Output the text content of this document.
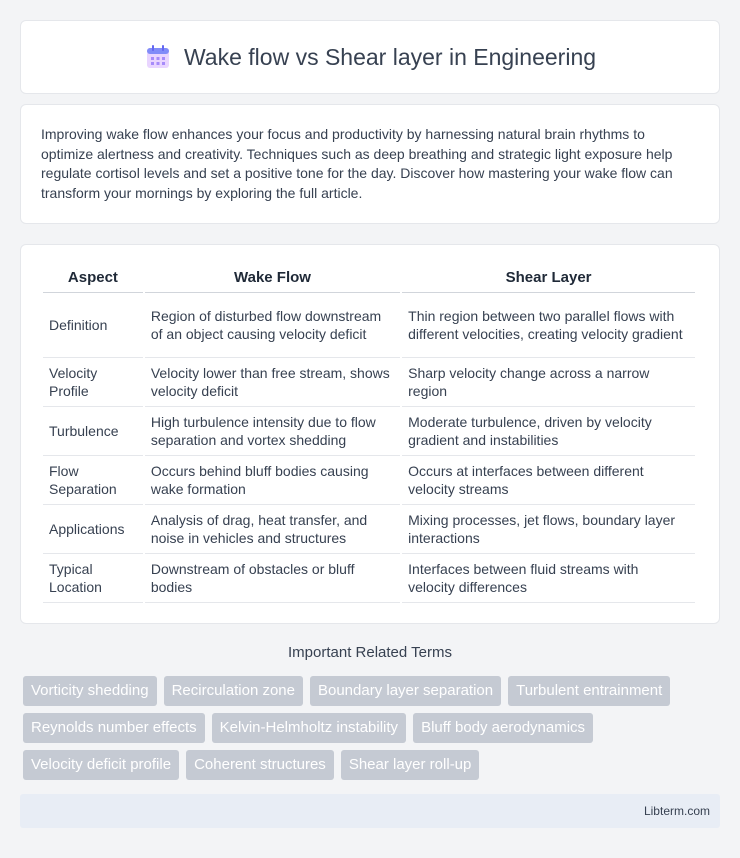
Wake flow vs Shear layer in Engineering

Improving wake flow enhances your focus and productivity by harnessing natural brain rhythms to optimize alertness and creativity. Techniques such as deep breathing and strategic light exposure help regulate cortisol levels and set a positive tone for the day. Discover how mastering your wake flow can transform your mornings by exploring the full article.

Aspect	Wake Flow	Shear Layer
Definition	Region of disturbed flow downstream of an object causing velocity deficit	Thin region between two parallel flows with different velocities, creating velocity gradient
Velocity Profile	Velocity lower than free stream, shows velocity deficit	Sharp velocity change across a narrow region
Turbulence	High turbulence intensity due to flow separation and vortex shedding	Moderate turbulence, driven by velocity gradient and instabilities
Flow Separation	Occurs behind bluff bodies causing wake formation	Occurs at interfaces between different velocity streams
Applications	Analysis of drag, heat transfer, and noise in vehicles and structures	Mixing processes, jet flows, boundary layer interactions
Typical Location	Downstream of obstacles or bluff bodies	Interfaces between fluid streams with velocity differences
Important Related Terms
Vorticity shedding	Recirculation zone	Boundary layer separation	Turbulent entrainment
Reynolds number effects	Kelvin-Helmholtz instability	Bluff body aerodynamics
Velocity deficit profile	Coherent structures	Shear layer roll-up
Libterm.com
